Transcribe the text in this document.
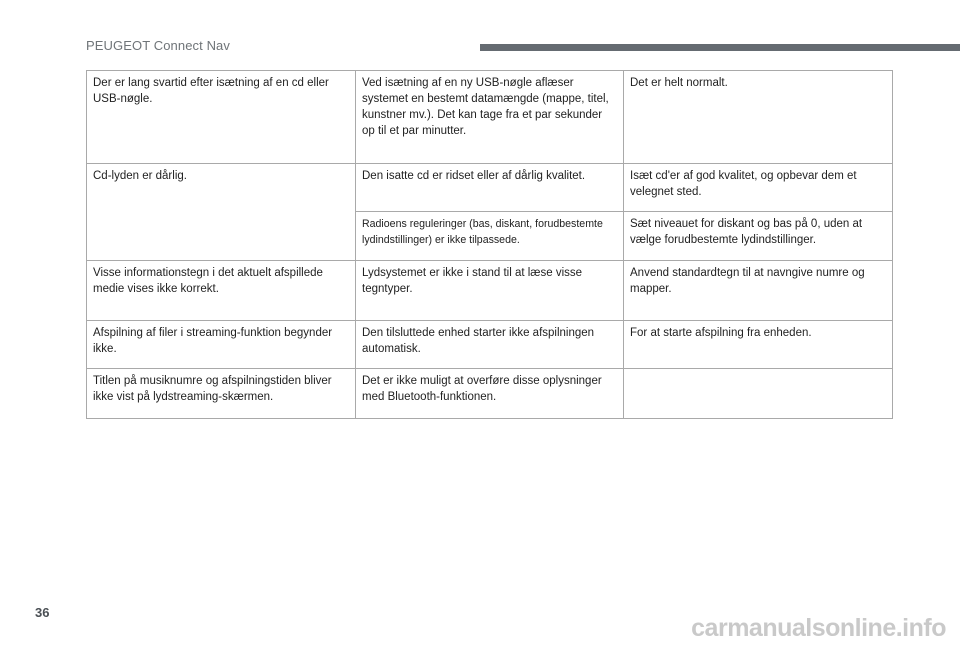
PEUGEOT Connect Nav
Der er lang svartid efter isætning af en cd eller USB-nøgle.	Ved isætning af en ny USB-nøgle aflæser systemet en bestemt datamængde (mappe, titel, kunstner mv.). Det kan tage fra et par sekunder op til et par minutter.	Det er helt normalt.
Cd-lyden er dårlig.	Den isatte cd er ridset eller af dårlig kvalitet.	Isæt cd'er af god kvalitet, og opbevar dem et velegnet sted.
	Radioens reguleringer (bas, diskant, forudbestemte lydindstillinger) er ikke tilpassede.	Sæt niveauet for diskant og bas på 0, uden at vælge forudbestemte lydindstillinger.
Visse informationstegn i det aktuelt afspillede medie vises ikke korrekt.	Lydsystemet er ikke i stand til at læse visse tegntyper.	Anvend standardtegn til at navngive numre og mapper.
Afspilning af filer i streaming-funktion begynder ikke.	Den tilsluttede enhed starter ikke afspilningen automatisk.	For at starte afspilning fra enheden.
Titlen på musiknumre og afspilningstiden bliver ikke vist på lydstreaming-skærmen.	Det er ikke muligt at overføre disse oplysninger med Bluetooth-funktionen.	
36
carmanualsonline.info
